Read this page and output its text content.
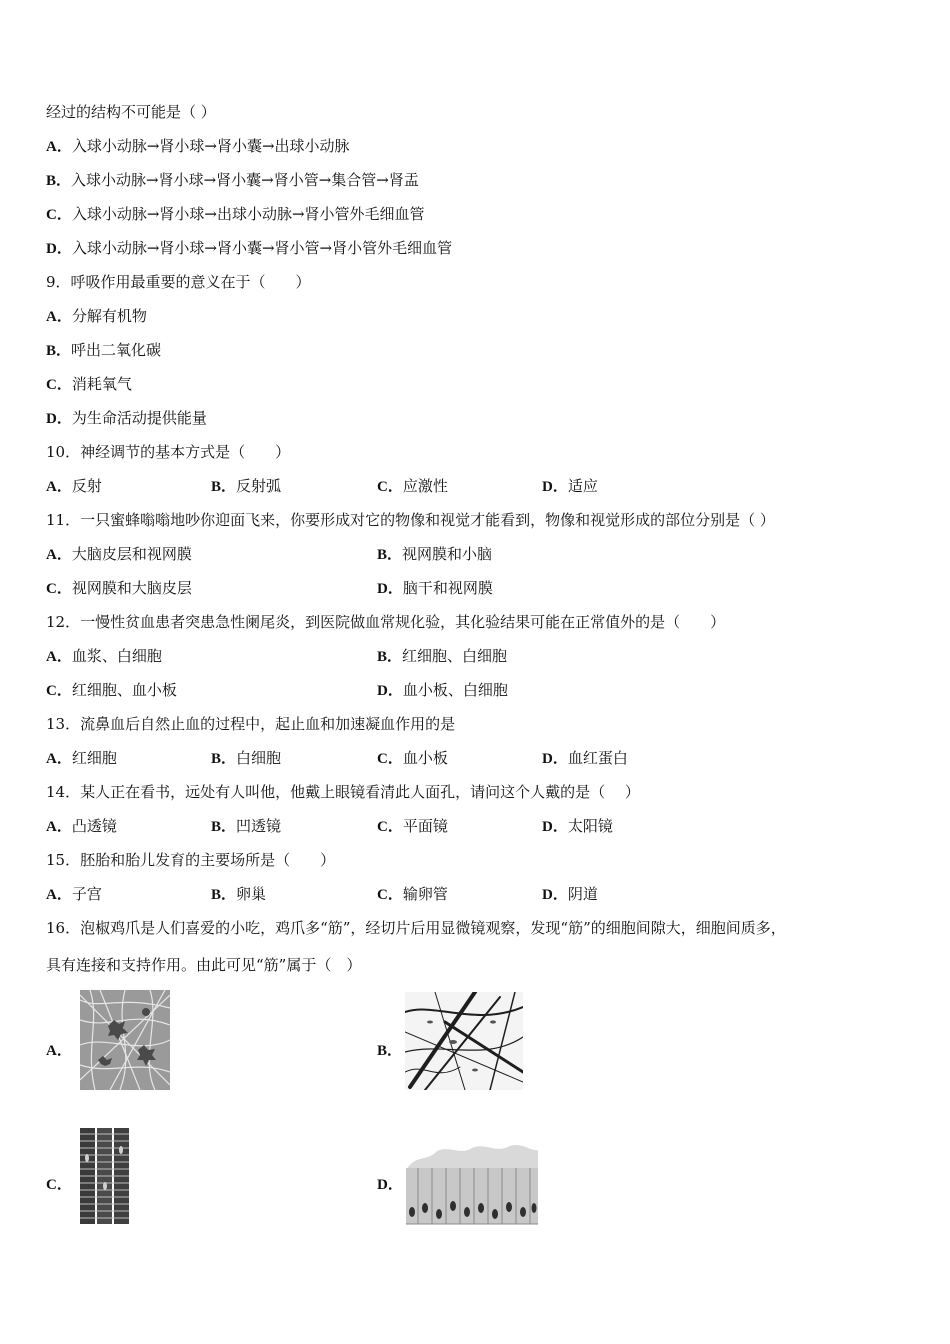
经过的结构不可能是（ ）
A．入球小动脉→肾小球→肾小囊→出球小动脉
B．入球小动脉→肾小球→肾小囊→肾小管→集合管→肾盂
C．入球小动脉→肾小球→出球小动脉→肾小管外毛细血管
D．入球小动脉→肾小球→肾小囊→肾小管→肾小管外毛细血管
9．呼吸作用最重要的意义在于（　　）
A．分解有机物
B．呼出二氧化碳
C．消耗氧气
D．为生命活动提供能量
10．神经调节的基本方式是（　　）
A．反射	B．反射弧	C．应激性	D．适应
11．一只蜜蜂嗡嗡地吵你迎面飞来，你要形成对它的物像和视觉才能看到，物像和视觉形成的部位分别是（ ）
A．大脑皮层和视网膜	B．视网膜和小脑
C．视网膜和大脑皮层	D．脑干和视网膜
12．一慢性贫血患者突患急性阑尾炎，到医院做血常规化验，其化验结果可能在正常值外的是（　　）
A．血浆、白细胞	B．红细胞、白细胞
C．红细胞、血小板	D．血小板、白细胞
13．流鼻血后自然止血的过程中，起止血和加速凝血作用的是
A．红细胞	B．白细胞	C．血小板	D．血红蛋白
14．某人正在看书，远处有人叫他，他戴上眼镜看清此人面孔，请问这个人戴的是（　 ）
A．凸透镜	B．凹透镜	C．平面镜	D．太阳镜
15．胚胎和胎儿发育的主要场所是（　　）
A．子宫	B．卵巢	C．输卵管	D．阴道
16．泡椒鸡爪是人们喜爱的小吃，鸡爪多“筋”，经切片后用显微镜观察，发现“筋”的细胞间隙大，细胞间质多，
具有连接和支持作用。由此可见“筋”属于（　）
A．	B．
C．	D．
